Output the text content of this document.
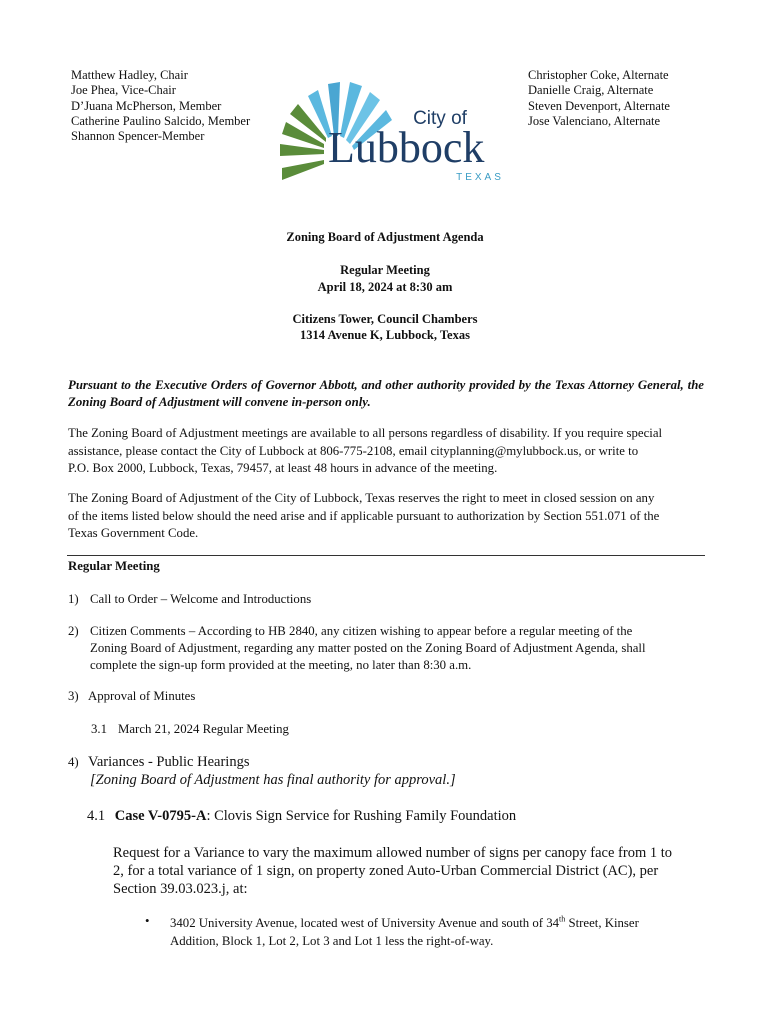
Matthew Hadley, Chair
Joe Phea, Vice-Chair
D’Juana McPherson, Member
Catherine Paulino Salcido, Member
Shannon Spencer-Member
Christopher Coke, Alternate
Danielle Craig, Alternate
Steven Devenport, Alternate
Jose Valenciano, Alternate
City of
Lubbock
TEXAS
Zoning Board of Adjustment Agenda
Regular Meeting
April 18, 2024 at 8:30 am
Citizens Tower, Council Chambers
1314 Avenue K, Lubbock, Texas
Pursuant to the Executive Orders of Governor Abbott, and other authority provided by the Texas Attorney General, the Zoning Board of Adjustment will convene in-person only.
The Zoning Board of Adjustment meetings are available to all persons regardless of disability. If you require special
assistance, please contact the City of Lubbock at 806-775-2108, email cityplanning@mylubbock.us, or write to
P.O. Box 2000, Lubbock, Texas, 79457, at least 48 hours in advance of the meeting.
The Zoning Board of Adjustment of the City of Lubbock, Texas reserves the right to meet in closed session on any
of the items listed below should the need arise and if applicable pursuant to authorization by Section 551.071 of the
Texas Government Code.
Regular Meeting
1) Call to Order – Welcome and Introductions
2) Citizen Comments – According to HB 2840, any citizen wishing to appear before a regular meeting of the
Zoning Board of Adjustment, regarding any matter posted on the Zoning Board of Adjustment Agenda, shall
complete the sign-up form provided at the meeting, no later than 8:30 a.m.
3) Approval of Minutes
3.1 March 21, 2024 Regular Meeting
4) Variances - Public Hearings
[Zoning Board of Adjustment has final authority for approval.]
4.1 Case V-0795-A: Clovis Sign Service for Rushing Family Foundation
Request for a Variance to vary the maximum allowed number of signs per canopy face from 1 to
2, for a total variance of 1 sign, on property zoned Auto-Urban Commercial District (AC), per
Section 39.03.023.j, at:
• 3402 University Avenue, located west of University Avenue and south of 34th Street, Kinser
Addition, Block 1, Lot 2, Lot 3 and Lot 1 less the right-of-way.
